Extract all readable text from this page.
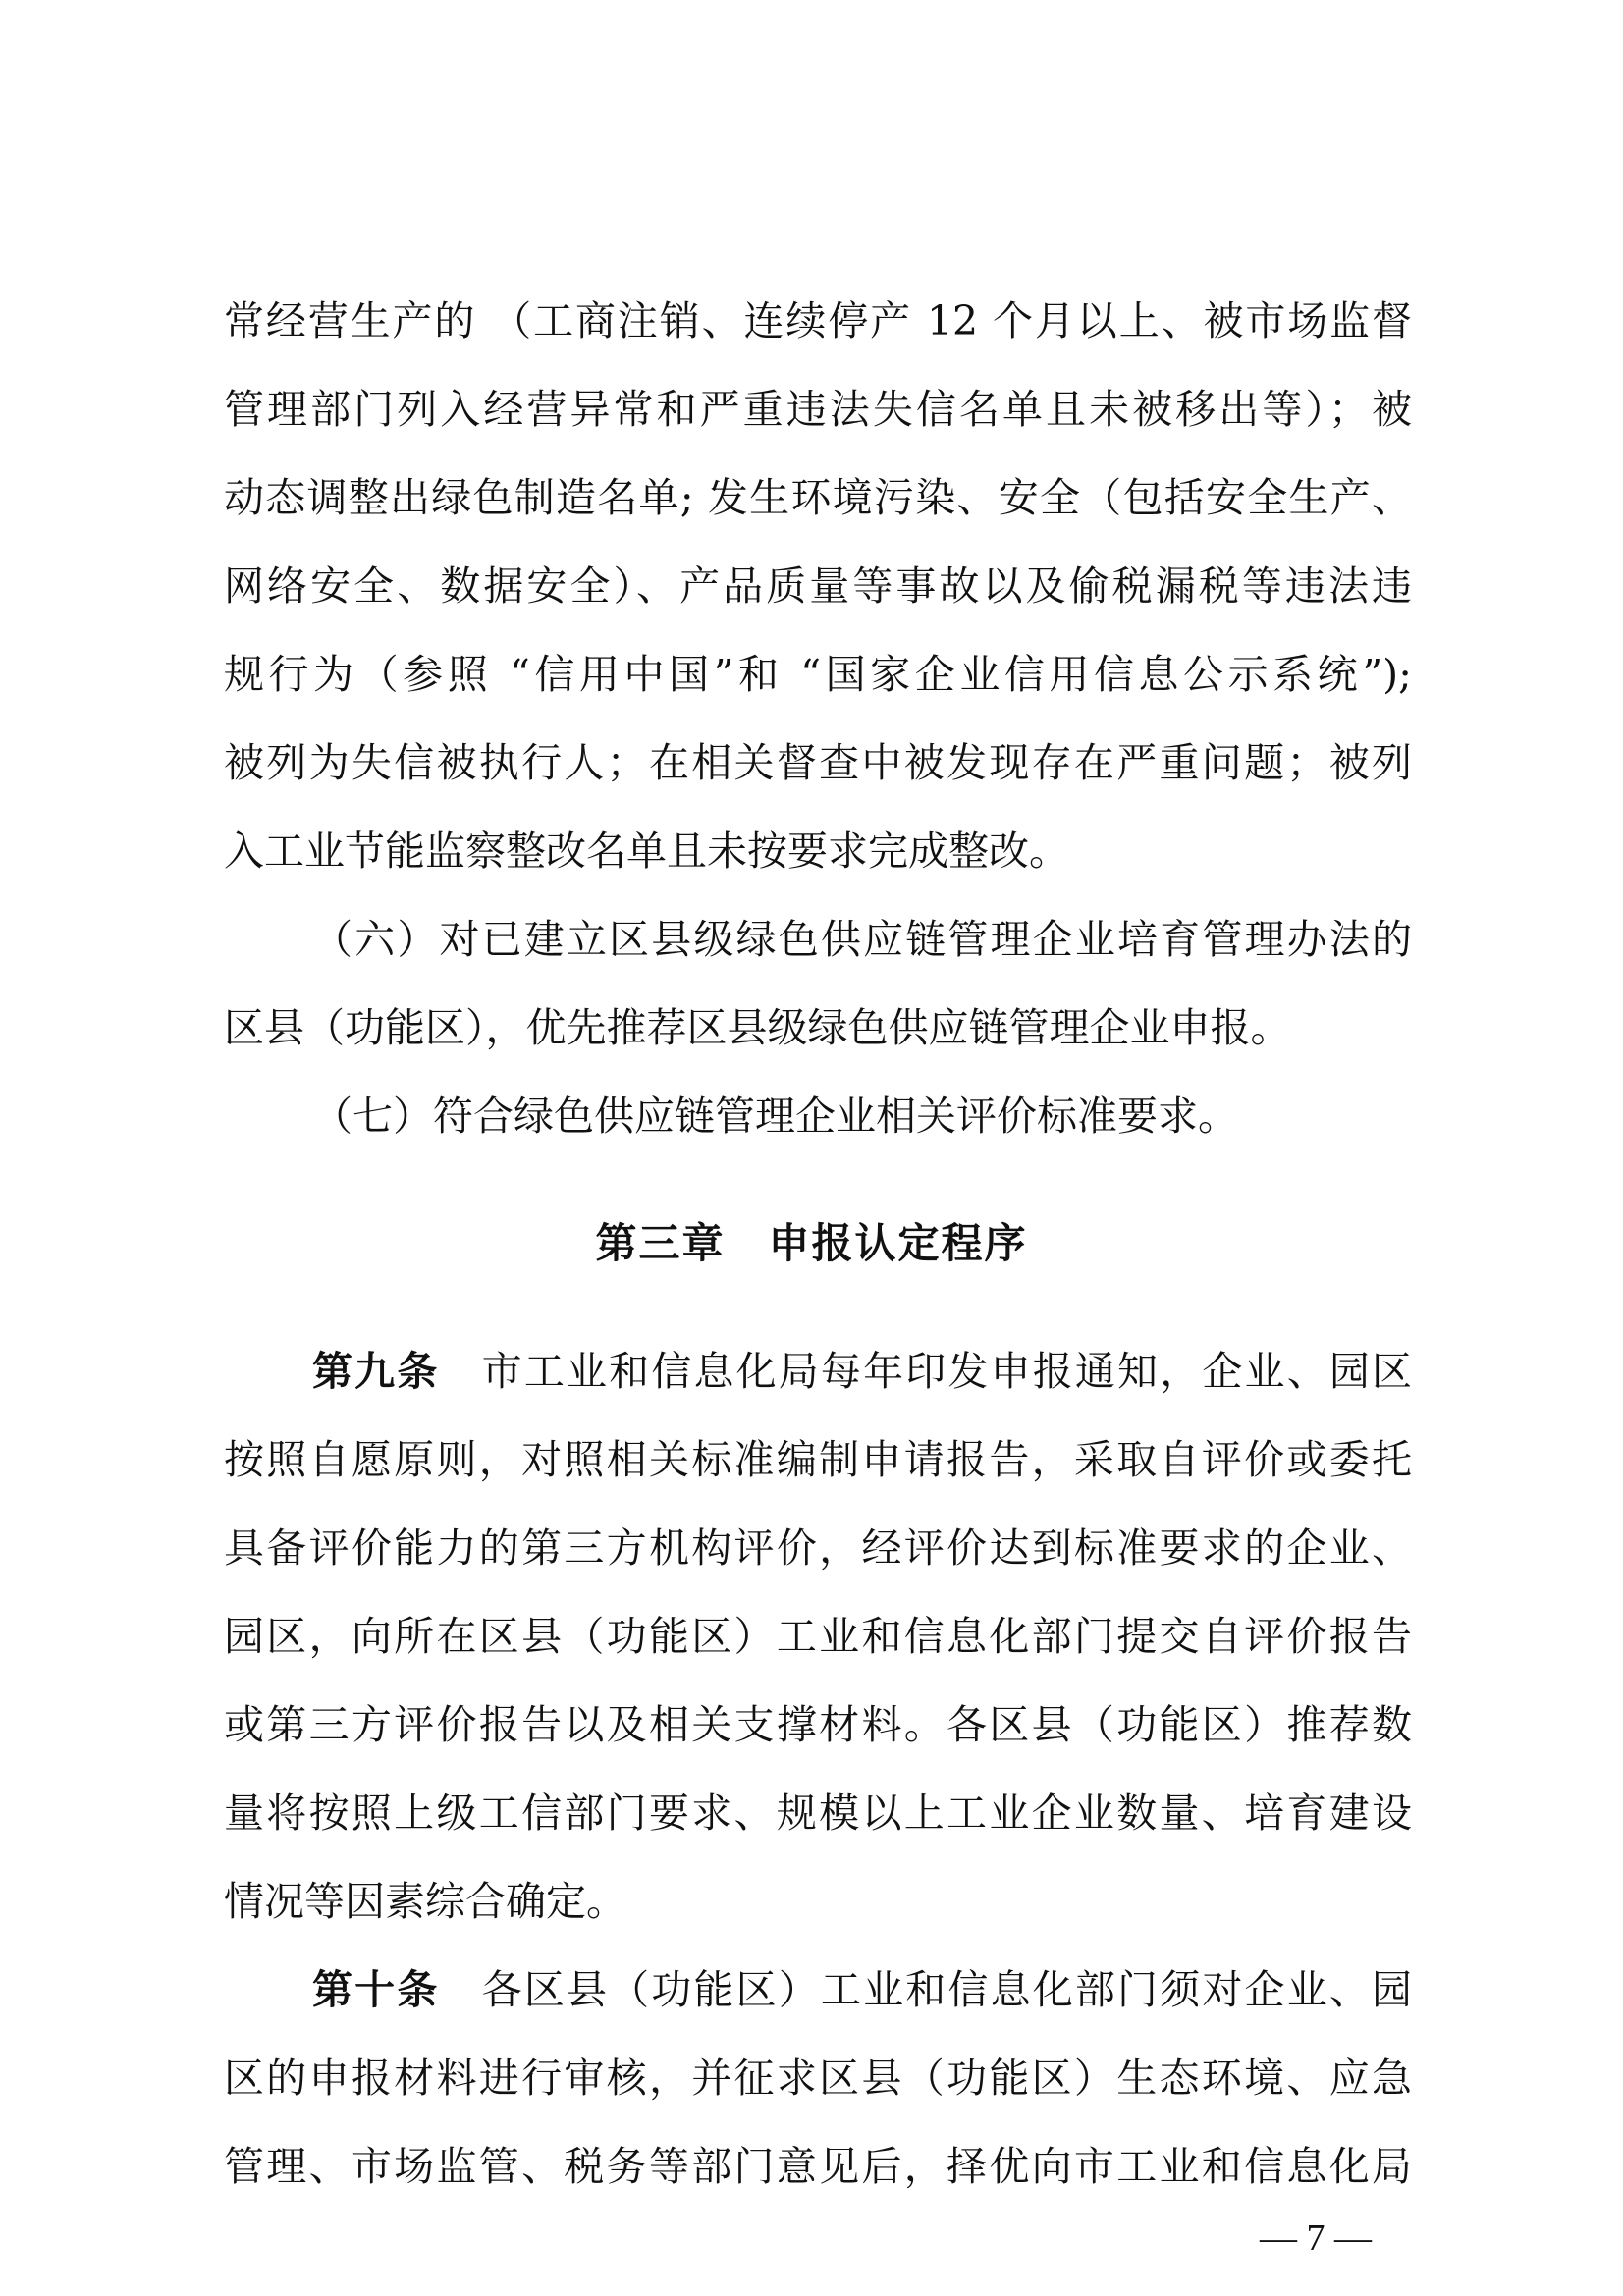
常经营生产的 （工商注销、连续停产 12 个月以上、被市场监督
管理部门列入经营异常和严重违法失信名单且未被移出等）；被
动态调整出绿色制造名单; 发生环境污染、安全（包括安全生产、
网络安全、数据安全）、产品质量等事故以及偷税漏税等违法违
规行为（参照 “信用中国”和 “国家企业信用信息公示系统”);
被列为失信被执行人；在相关督查中被发现存在严重问题；被列
入工业节能监察整改名单且未按要求完成整改。
（六）对已建立区县级绿色供应链管理企业培育管理办法的
区县（功能区），优先推荐区县级绿色供应链管理企业申报。
（七）符合绿色供应链管理企业相关评价标准要求。
第三章　申报认定程序
第九条　 市工业和信息化局每年印发申报通知，企业、园区
按照自愿原则，对照相关标准编制申请报告，采取自评价或委托
具备评价能力的第三方机构评价，经评价达到标准要求的企业、
园区，向所在区县（功能区）工业和信息化部门提交自评价报告
或第三方评价报告以及相关支撑材料。各区县（功能区）推荐数
量将按照上级工信部门要求、规模以上工业企业数量、培育建设
情况等因素综合确定。
第十条　 各区县（功能区）工业和信息化部门须对企业、园
区的申报材料进行审核，并征求区县（功能区）生态环境、应急
管理、市场监管、税务等部门意见后，择优向市工业和信息化局
— 7 —
